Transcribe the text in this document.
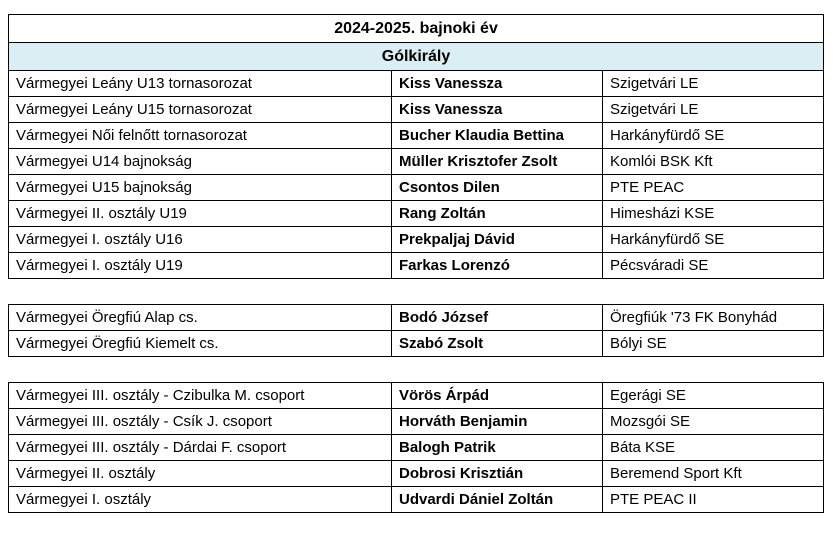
2024-2025. bajnoki év		
Gólkirály		
Vármegyei Leány U13 tornasorozat	Kiss Vanessza	Szigetvári LE
Vármegyei Leány U15 tornasorozat	Kiss Vanessza	Szigetvári LE
Vármegyei Női felnőtt tornasorozat	Bucher Klaudia Bettina	Harkányfürdő SE
Vármegyei U14 bajnokság	Müller Krisztofer Zsolt	Komlói BSK Kft
Vármegyei U15 bajnokság	Csontos Dilen	PTE PEAC
Vármegyei II. osztály U19	Rang Zoltán	Himesházi KSE
Vármegyei I. osztály U16	Prekpaljaj Dávid	Harkányfürdő SE
Vármegyei I. osztály U19	Farkas Lorenzó	Pécsváradi SE

Vármegyei Öregfiú Alap cs.	Bodó József	Öregfiúk '73 FK Bonyhád
Vármegyei Öregfiú Kiemelt cs.	Szabó Zsolt	Bólyi SE

Vármegyei III. osztály - Czibulka M. csoport	Vörös Árpád	Egerági SE
Vármegyei III. osztály - Csík J. csoport	Horváth Benjamin	Mozsgói SE
Vármegyei III. osztály - Dárdai F. csoport	Balogh Patrik	Báta KSE
Vármegyei II. osztály	Dobrosi Krisztián	Beremend Sport Kft
Vármegyei I. osztály	Udvardi Dániel Zoltán	PTE PEAC II
